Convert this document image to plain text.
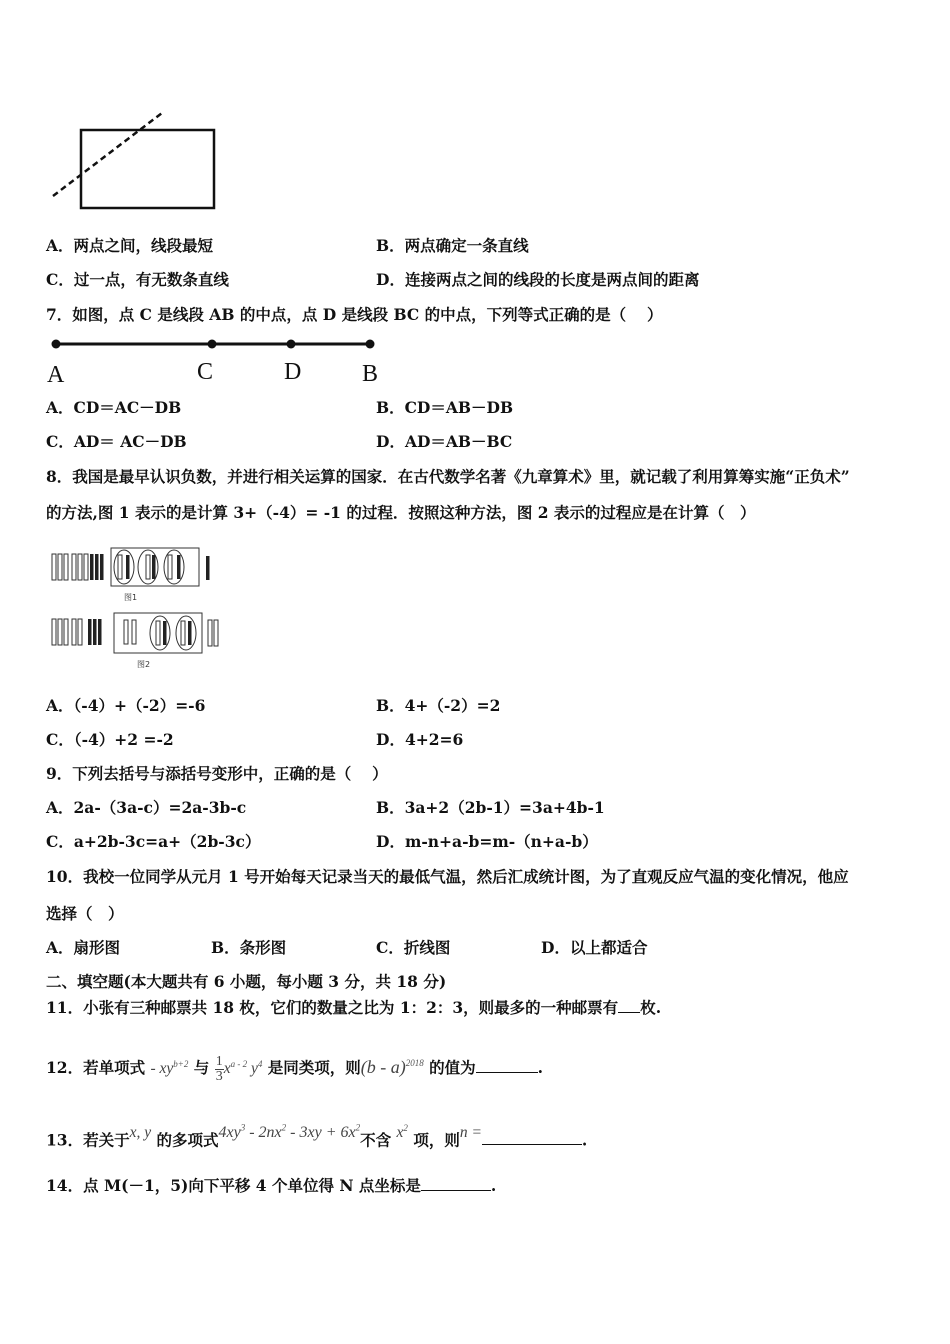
A．两点之间，线段最短	B．两点确定一条直线
C．过一点，有无数条直线	D．连接两点之间的线段的长度是两点间的距离
7．如图，点 C 是线段 AB 的中点，点 D 是线段 BC 的中点，下列等式正确的是（　 ）
A	C	D	B
A．CD＝AC－DB	B．CD＝AB－DB
C．AD＝ AC－DB	D．AD＝AB－BC
8．我国是最早认识负数，并进行相关运算的国家．在古代数学名著《九章算术》里，就记载了利用算筹实施“正负术”
的方法,图 1 表示的是计算 3+（-4）= -1 的过程．按照这种方法，图 2 表示的过程应是在计算（　）
图1
图2
A．（-4）+（-2）=-6	B．4+（-2）=2
C．（-4）+2 =-2	D．4+2=6
9．下列去括号与添括号变形中，正确的是（　 ）
A．2a-（3a-c）=2a-3b-c	B．3a+2（2b-1）=3a+4b-1
C．a+2b-3c=a+（2b-3c）	D．m-n+a-b=m-（n+a-b）
10．我校一位同学从元月 1 号开始每天记录当天的最低气温，然后汇成统计图，为了直观反应气温的变化情况，他应
选择（　）
A．扇形图	B．条形图	C．折线图	D．以上都适合
二、填空题(本大题共有 6 小题，每小题 3 分，共 18 分)
11．小张有三种邮票共 18 枚，它们的数量之比为 1：2：3，则最多的一种邮票有 枚.
12．若单项式 - $xy^{b+2}$ 与 $\frac{1}{3} x^{a - 2}$ $y^4$ 是同类项，则(b - a)$^{2018}$ 的值为	.
13．若关于x, y 的多项式$4xy^3 - 2nx^2 - 3xy + 6x^2$不含 $x^2$ 项，则n =	.
14．点 M(－1，5)向下平移 4 个单位得 N 点坐标是	.
